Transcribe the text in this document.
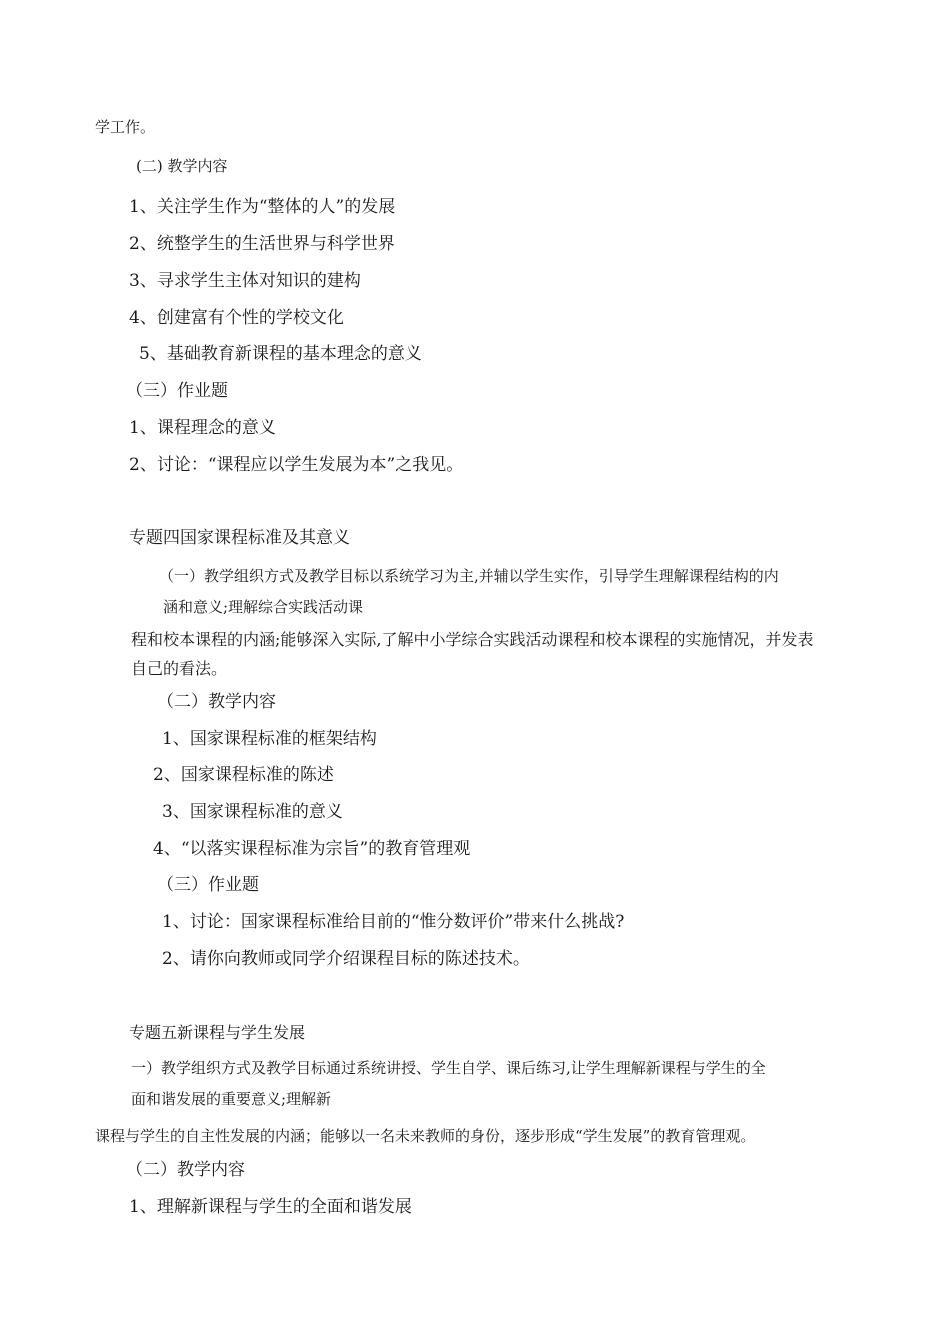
学工作。
(二) 教学内容
1、关注学生作为“整体的人”的发展
2、统整学生的生活世界与科学世界
3、寻求学生主体对知识的建构
4、创建富有个性的学校文化
5、基础教育新课程的基本理念的意义
（三）作业题
1、课程理念的意义
2、讨论：“课程应以学生发展为本”之我见。
专题四国家课程标准及其意义
（一）教学组织方式及教学目标以系统学习为主,并辅以学生实作，引导学生理解课程结构的内
涵和意义;理解综合实践活动课
程和校本课程的内涵;能够深入实际,了解中小学综合实践活动课程和校本课程的实施情况，并发表
自己的看法。
（二）教学内容
1、国家课程标准的框架结构
2、国家课程标准的陈述
3、国家课程标准的意义
4、“以落实课程标准为宗旨”的教育管理观
（三）作业题
1、讨论：国家课程标准给目前的“惟分数评价”带来什么挑战?
2、请你向教师或同学介绍课程目标的陈述技术。
专题五新课程与学生发展
一）教学组织方式及教学目标通过系统讲授、学生自学、课后练习,让学生理解新课程与学生的全
面和谐发展的重要意义;理解新
课程与学生的自主性发展的内涵；能够以一名未来教师的身份，逐步形成“学生发展”的教育管理观。
（二）教学内容
1、理解新课程与学生的全面和谐发展
